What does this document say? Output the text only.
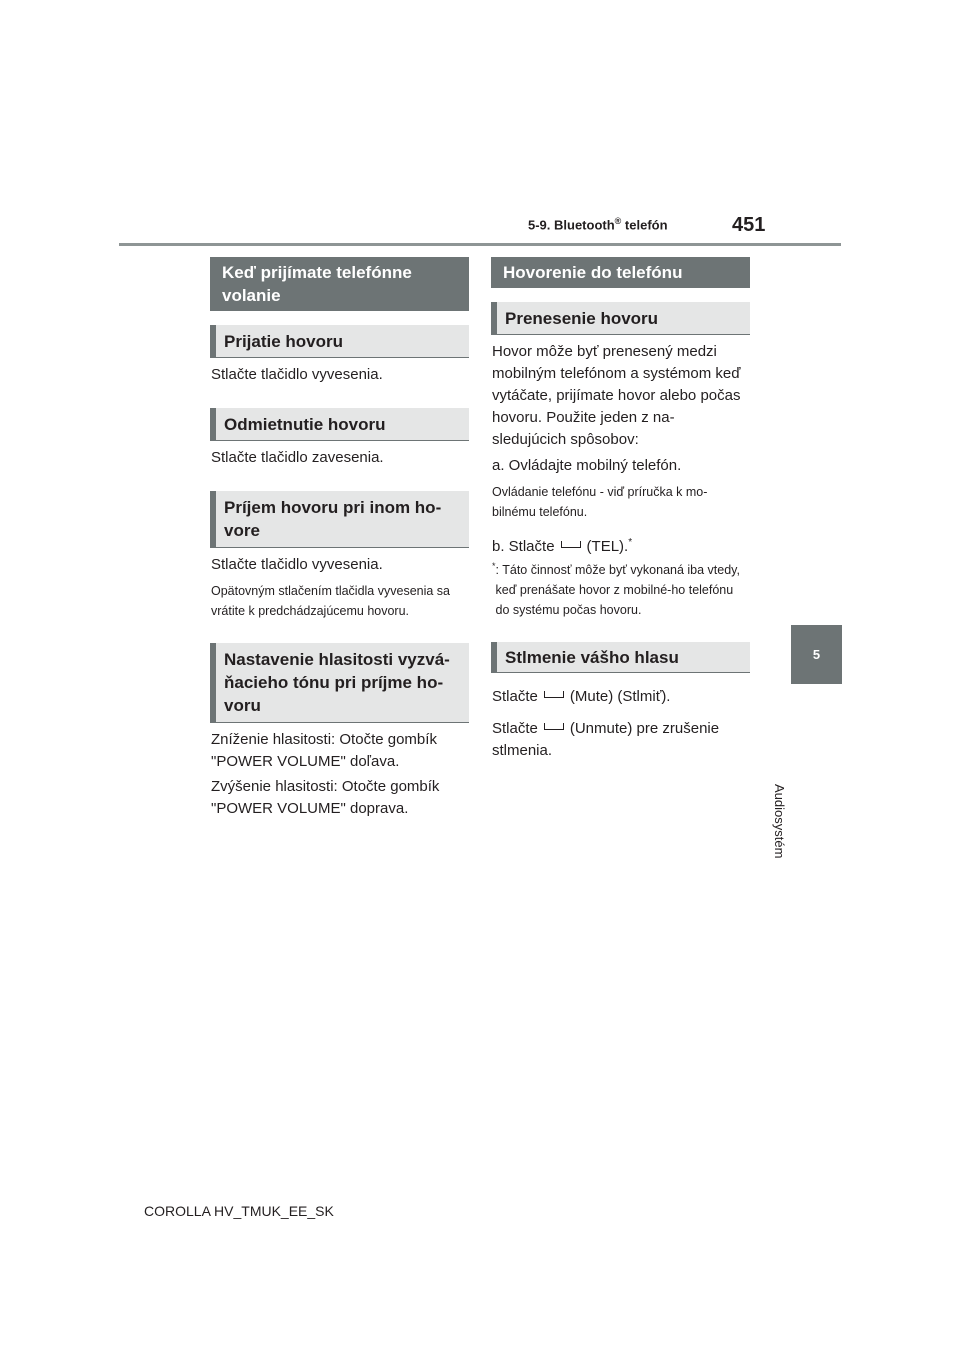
5-9. Bluetooth® telefón	451
5
Audiosystém
Keď prijímate telefónne volanie
Prijatie hovoru
Stlačte tlačidlo vyvesenia.
Odmietnutie hovoru
Stlačte tlačidlo zavesenia.
Príjem hovoru pri inom ho-vore
Stlačte tlačidlo vyvesenia.
Opätovným stlačením tlačidla vyvesenia sa vrátite k predchádzajúcemu hovoru.
Nastavenie hlasitosti vyzvá-ňacieho tónu pri príjme ho-voru
Zníženie hlasitosti: Otočte gombík "POWER VOLUME" doľava.
Zvýšenie hlasitosti: Otočte gombík "POWER VOLUME" doprava.
Hovorenie do telefónu
Prenesenie hovoru
Hovor môže byť prenesený medzi mobilným telefónom a systémom keď vytáčate, prijímate hovor alebo počas hovoru. Použite jeden z na-sledujúcich spôsobov:
a. Ovládajte mobilný telefón.
Ovládanie telefónu - viď príručka k mo-bilnému telefónu.
b. Stlačte (TEL).*
* : Táto činnosť môže byť vykonaná iba vtedy, keď prenášate hovor z mobilné-ho telefónu do systému počas hovoru.
Stlmenie vášho hlasu
Stlačte (Mute) (Stlmiť).
Stlačte (Unmute) pre zrušenie stlmenia.
COROLLA HV_TMUK_EE_SK
